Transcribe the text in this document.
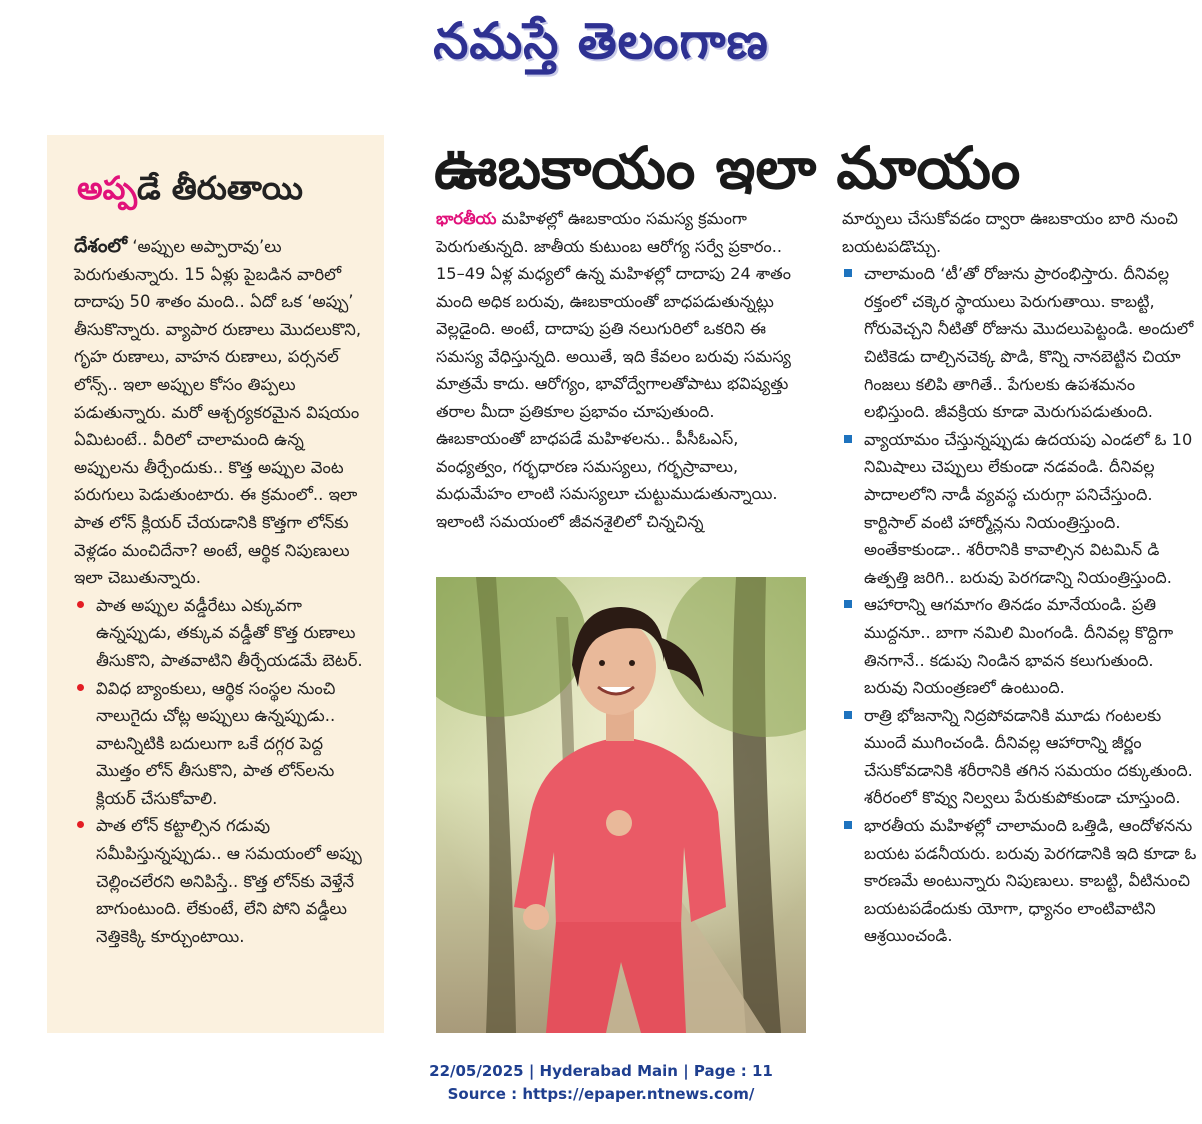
నమస్తే తెలంగాణ
అప్పడే తీరుతాయి

దేశంలో ‘అప్పుల అప్పారావు’లు పెరుగుతున్నారు. 15 ఏళ్లు పైబడిన వారిలో దాదాపు 50 శాతం మంది.. ఏదో ఒక ‘అప్పు’ తీసుకొన్నారు. వ్యాపార రుణాలు మొదలుకొని, గృహ రుణాలు, వాహన రుణాలు, పర్సనల్ లోన్స్.. ఇలా అప్పుల కోసం తిప్పలు పడుతున్నారు. మరో ఆశ్చర్యకరమైన విషయం ఏమిటంటే.. వీరిలో చాలామంది ఉన్న అప్పులను తీర్చేందుకు.. కొత్త అప్పుల వెంట పరుగులు పెడుతుంటారు. ఈ క్రమంలో.. ఇలా పాత లోన్ క్లియర్ చేయడానికి కొత్తగా లోన్‌కు వెళ్లడం మంచిదేనా? అంటే, ఆర్థిక నిపుణులు ఇలా చెబుతున్నారు.

పాత అప్పుల వడ్డీరేటు ఎక్కువగా ఉన్నప్పుడు, తక్కువ వడ్డీతో కొత్త రుణాలు తీసుకొని, పాతవాటిని తీర్చేయడమే బెటర్.
వివిధ బ్యాంకులు, ఆర్థిక సంస్థల నుంచి నాలుగైదు చోట్ల అప్పులు ఉన్నప్పుడు.. వాటన్నిటికి బదులుగా ఒకే దగ్గర పెద్ద మొత్తం లోన్ తీసుకొని, పాత లోన్‌లను క్లియర్ చేసుకోవాలి.
పాత లోన్ కట్టాల్సిన గడువు సమీపిస్తున్నప్పుడు.. ఆ సమయంలో అప్పు చెల్లించలేరని అనిపిస్తే.. కొత్త లోన్‌కు వెళ్తేనే బాగుంటుంది. లేకుంటే, లేని పోని వడ్డీలు నెత్తికెక్కి కూర్చుంటాయి.
ఊబకాయం ఇలా మాయం

భారతీయ మహిళల్లో ఊబకాయం సమస్య క్రమంగా పెరుగుతున్నది. జాతీయ కుటుంబ ఆరోగ్య సర్వే ప్రకారం.. 15–49 ఏళ్ల మధ్యలో ఉన్న మహిళల్లో దాదాపు 24 శాతం మంది అధిక బరువు, ఊబకాయంతో బాధపడుతున్నట్లు వెల్లడైంది. అంటే, దాదాపు ప్రతి నలుగురిలో ఒకరిని ఈ సమస్య వేధిస్తున్నది. అయితే, ఇది కేవలం బరువు సమస్య మాత్రమే కాదు. ఆరోగ్యం, భావోద్వేగాలతోపాటు భవిష్యత్తు తరాల మీదా ప్రతికూల ప్రభావం చూపుతుంది. ఊబకాయంతో బాధపడే మహిళలను.. పీసీఓఎస్, వంధ్యత్వం, గర్భధారణ సమస్యలు, గర్భస్రావాలు, మధుమేహం లాంటి సమస్యలూ చుట్టుముడుతున్నాయి. ఇలాంటి సమయంలో జీవనశైలిలో చిన్నచిన్న

మార్పులు చేసుకోవడం ద్వారా ఊబకాయం బారి నుంచి బయటపడొచ్చు.

చాలామంది ‘టీ’తో రోజును ప్రారంభిస్తారు. దీనివల్ల రక్తంలో చక్కెర స్థాయులు పెరుగుతాయి. కాబట్టి, గోరువెచ్చని నీటితో రోజును మొదలుపెట్టండి. అందులో చిటికెడు దాల్చినచెక్క పొడి, కొన్ని నానబెట్టిన చియా గింజలు కలిపి తాగితే.. పేగులకు ఉపశమనం లభిస్తుంది. జీవక్రియ కూడా మెరుగుపడుతుంది.
వ్యాయామం చేస్తున్నప్పుడు ఉదయపు ఎండలో ఓ 10 నిమిషాలు చెప్పులు లేకుండా నడవండి. దీనివల్ల పాదాలలోని నాడీ వ్యవస్థ చురుగ్గా పనిచేస్తుంది. కార్టిసాల్ వంటి హార్మోన్లను నియంత్రిస్తుంది. అంతేకాకుండా.. శరీరానికి కావాల్సిన విటమిన్ డి ఉత్పత్తి జరిగి.. బరువు పెరగడాన్ని నియంత్రిస్తుంది.
ఆహారాన్ని ఆగమాగం తినడం మానేయండి. ప్రతి ముద్దనూ.. బాగా నమిలి మింగండి. దీనివల్ల కొద్దిగా తినగానే.. కడుపు నిండిన భావన కలుగుతుంది. బరువు నియంత్రణలో ఉంటుంది.
రాత్రి భోజనాన్ని నిద్రపోవడానికి మూడు గంటలకు ముందే ముగించండి. దీనివల్ల ఆహారాన్ని జీర్ణం చేసుకోవడానికి శరీరానికి తగిన సమయం దక్కుతుంది. శరీరంలో కొవ్వు నిల్వలు పేరుకుపోకుండా చూస్తుంది.
భారతీయ మహిళల్లో చాలామంది ఒత్తిడి, ఆందోళనను బయట పడనీయరు. బరువు పెరగడానికి ఇది కూడా ఓ కారణమే అంటున్నారు నిపుణులు. కాబట్టి, వీటినుంచి బయటపడేందుకు యోగా, ధ్యానం లాంటివాటిని ఆశ్రయించండి.
22/05/2025 | Hyderabad Main | Page : 11
Source : https://epaper.ntnews.com/
